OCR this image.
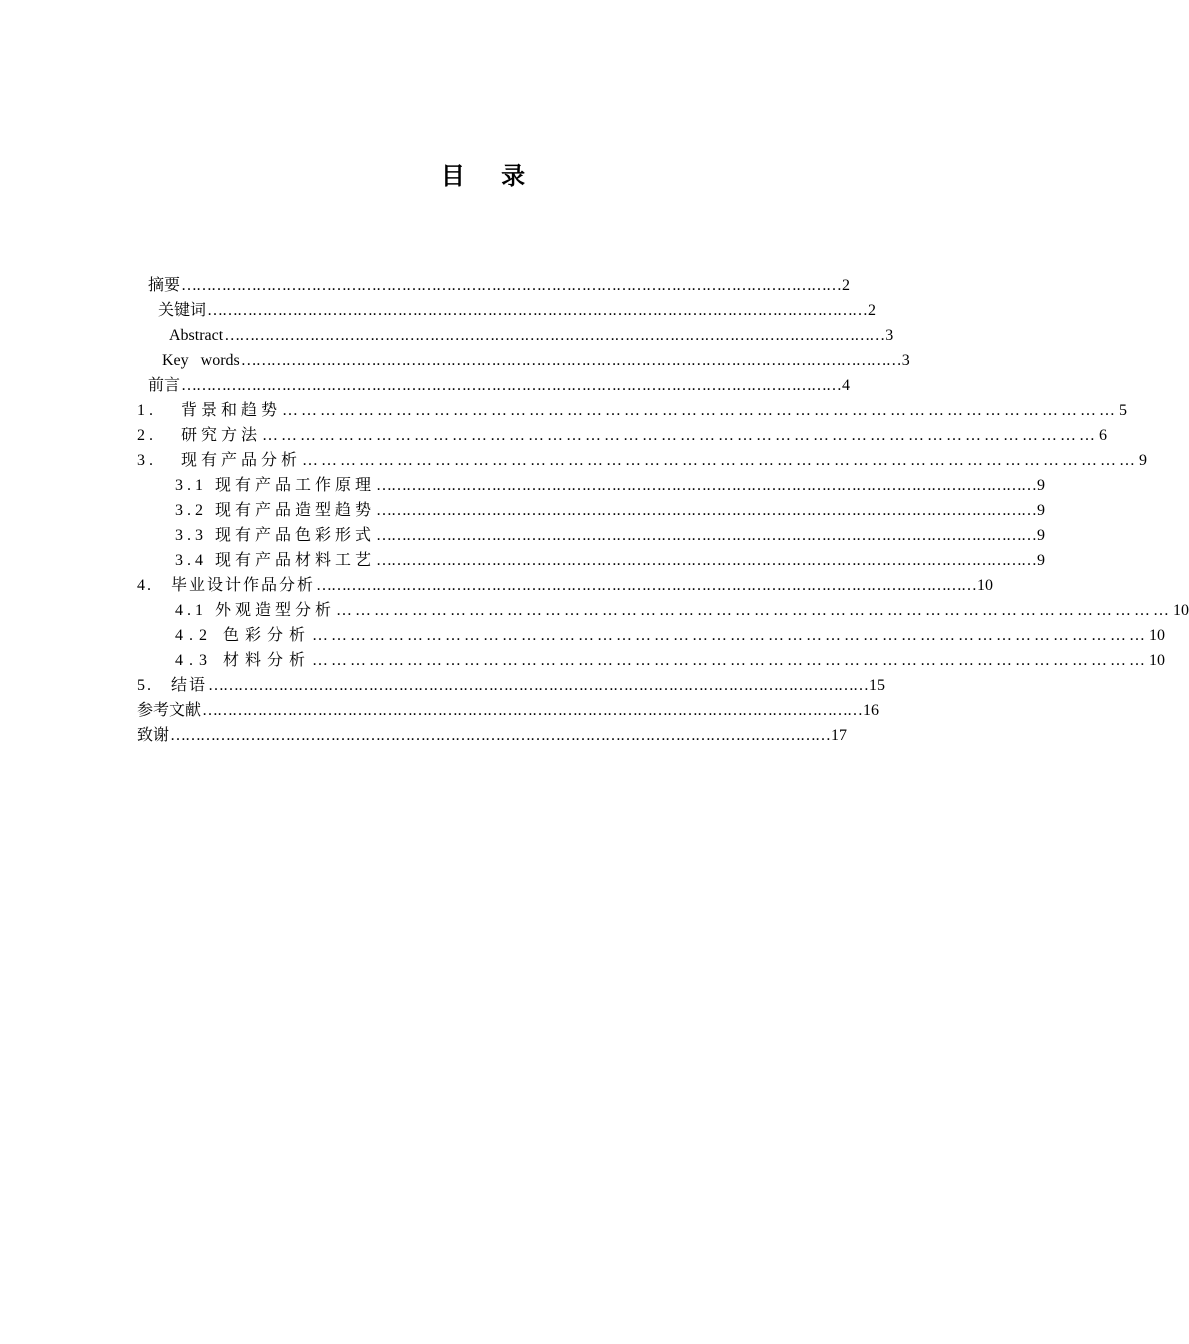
目 录
摘要 …………………………………………………………………………………………………………………… 2
关键词 …………………………………………………………………………………………………………………… 2
Abstract …………………………………………………………………………………………………………………… 3
Key   words …………………………………………………………………………………………………………………… 3
前言 …………………………………………………………………………………………………………………… 4
1.   背景和趋势 …………………………………………………………………………………………………………………… 5
2.   研究方法 …………………………………………………………………………………………………………………… 6
3.   现有产品分析 …………………………………………………………………………………………………………………… 9
3.1 现有产品工作原理 …………………………………………………………………………………………………………………… 9
3.2 现有产品造型趋势 …………………………………………………………………………………………………………………… 9
3.3 现有产品色彩形式 …………………………………………………………………………………………………………………… 9
3.4 现有产品材料工艺 …………………………………………………………………………………………………………………… 9
4.   毕业设计作品分析 …………………………………………………………………………………………………………………… 10
4.1 外观造型分析 …………………………………………………………………………………………………………………… 10
4.2 色彩分析 …………………………………………………………………………………………………………………… 10
4.3 材料分析 …………………………………………………………………………………………………………………… 10
5.   结语 …………………………………………………………………………………………………………………… 15
参考文献 …………………………………………………………………………………………………………………… 16
致谢 …………………………………………………………………………………………………………………… 17
